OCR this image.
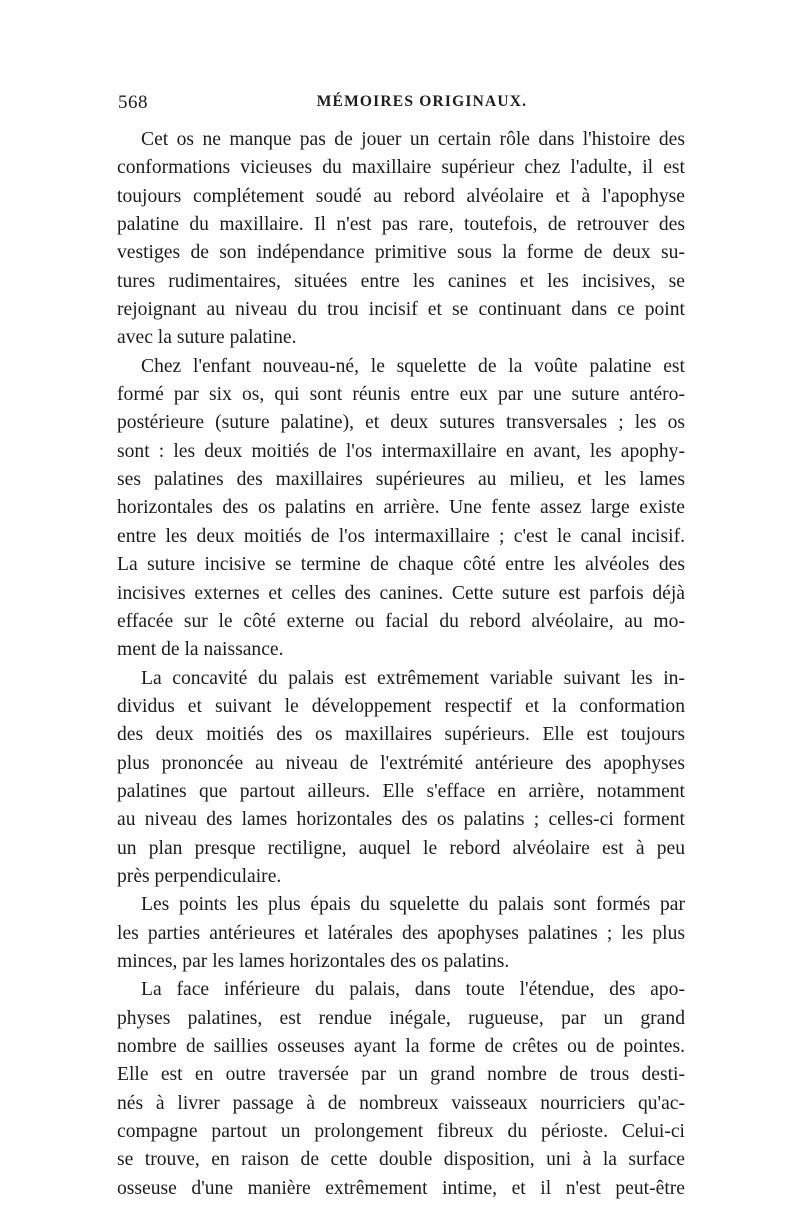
568	MÉMOIRES ORIGINAUX.
Cet os ne manque pas de jouer un certain rôle dans l'histoire des
conformations vicieuses du maxillaire supérieur chez l'adulte, il est
toujours complétement soudé au rebord alvéolaire et à l'apophyse
palatine du maxillaire. Il n'est pas rare, toutefois, de retrouver des
vestiges de son indépendance primitive sous la forme de deux su-
tures rudimentaires, situées entre les canines et les incisives, se
rejoignant au niveau du trou incisif et se continuant dans ce point
avec la suture palatine.
Chez l'enfant nouveau-né, le squelette de la voûte palatine est
formé par six os, qui sont réunis entre eux par une suture antéro-
postérieure (suture palatine), et deux sutures transversales ; les os
sont : les deux moitiés de l'os intermaxillaire en avant, les apophy-
ses palatines des maxillaires supérieures au milieu, et les lames
horizontales des os palatins en arrière. Une fente assez large existe
entre les deux moitiés de l'os intermaxillaire ; c'est le canal incisif.
La suture incisive se termine de chaque côté entre les alvéoles des
incisives externes et celles des canines. Cette suture est parfois déjà
effacée sur le côté externe ou facial du rebord alvéolaire, au mo-
ment de la naissance.
La concavité du palais est extrêmement variable suivant les in-
dividus et suivant le développement respectif et la conformation
des deux moitiés des os maxillaires supérieurs. Elle est toujours
plus prononcée au niveau de l'extrémité antérieure des apophyses
palatines que partout ailleurs. Elle s'efface en arrière, notamment
au niveau des lames horizontales des os palatins ; celles-ci forment
un plan presque rectiligne, auquel le rebord alvéolaire est à peu
près perpendiculaire.
Les points les plus épais du squelette du palais sont formés par
les parties antérieures et latérales des apophyses palatines ; les plus
minces, par les lames horizontales des os palatins.
La face inférieure du palais, dans toute l'étendue, des apo-
physes palatines, est rendue inégale, rugueuse, par un grand
nombre de saillies osseuses ayant la forme de crêtes ou de pointes.
Elle est en outre traversée par un grand nombre de trous desti-
nés à livrer passage à de nombreux vaisseaux nourriciers qu'ac-
compagne partout un prolongement fibreux du périoste. Celui-ci
se trouve, en raison de cette double disposition, uni à la surface
osseuse d'une manière extrêmement intime, et il n'est peut-être
